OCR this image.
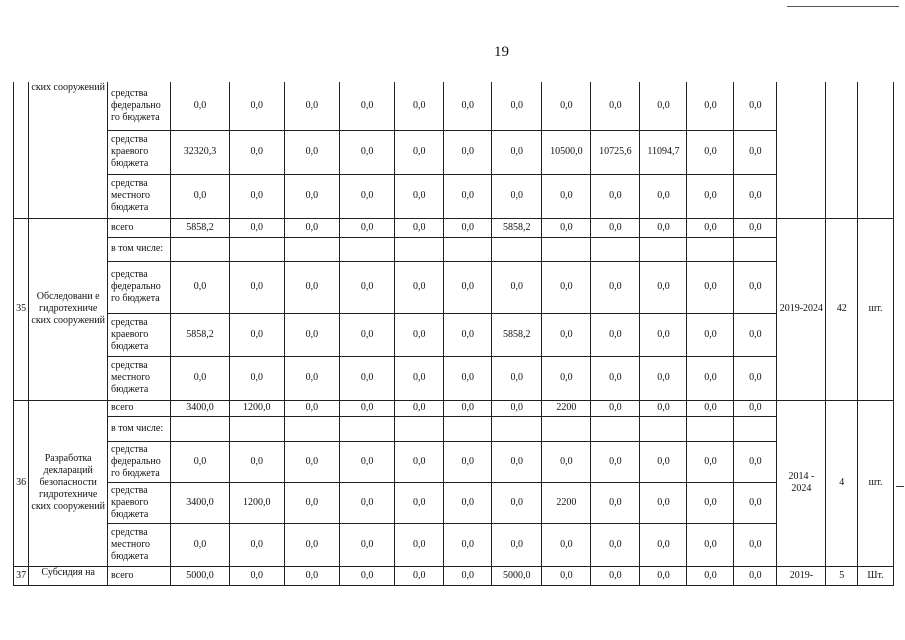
19
	ских сооружений	средства федерально го бюджета	0,0	0,0	0,0	0,0	0,0	0,0	0,0	0,0	0,0	0,0	0,0	0,0			
		средства краевого бюджета	32320,3	0,0	0,0	0,0	0,0	0,0	0,0	10500,0	10725,6	11094,7	0,0	0,0			
		средства местного бюджета	0,0	0,0	0,0	0,0	0,0	0,0	0,0	0,0	0,0	0,0	0,0	0,0			
35	Обследовани е гидротехниче ских сооружений	всего	5858,2	0,0	0,0	0,0	0,0	0,0	5858,2	0,0	0,0	0,0	0,0	0,0	2019-2024	42	шт.
		в том числе:															
		средства федерально го бюджета	0,0	0,0	0,0	0,0	0,0	0,0	0,0	0,0	0,0	0,0	0,0	0,0			
		средства краевого бюджета	5858,2	0,0	0,0	0,0	0,0	0,0	5858,2	0,0	0,0	0,0	0,0	0,0			
		средства местного бюджета	0,0	0,0	0,0	0,0	0,0	0,0	0,0	0,0	0,0	0,0	0,0	0,0			
36	Разработка деклараций безопасности гидротехниче ских сооружений	всего	3400,0	1200,0	0,0	0,0	0,0	0,0	0,0	2200	0,0	0,0	0,0	0,0	2014 - 2024	4	шт.
		в том числе:															
		средства федерально го бюджета	0,0	0,0	0,0	0,0	0,0	0,0	0,0	0,0	0,0	0,0	0,0	0,0			
		средства краевого бюджета	3400,0	1200,0	0,0	0,0	0,0	0,0	0,0	2200	0,0	0,0	0,0	0,0			
		средства местного бюджета	0,0	0,0	0,0	0,0	0,0	0,0	0,0	0,0	0,0	0,0	0,0	0,0			
37	Субсидия на	всего	5000,0	0,0	0,0	0,0	0,0	0,0	5000,0	0,0	0,0	0,0	0,0	0,0	2019-	5	Шт.
